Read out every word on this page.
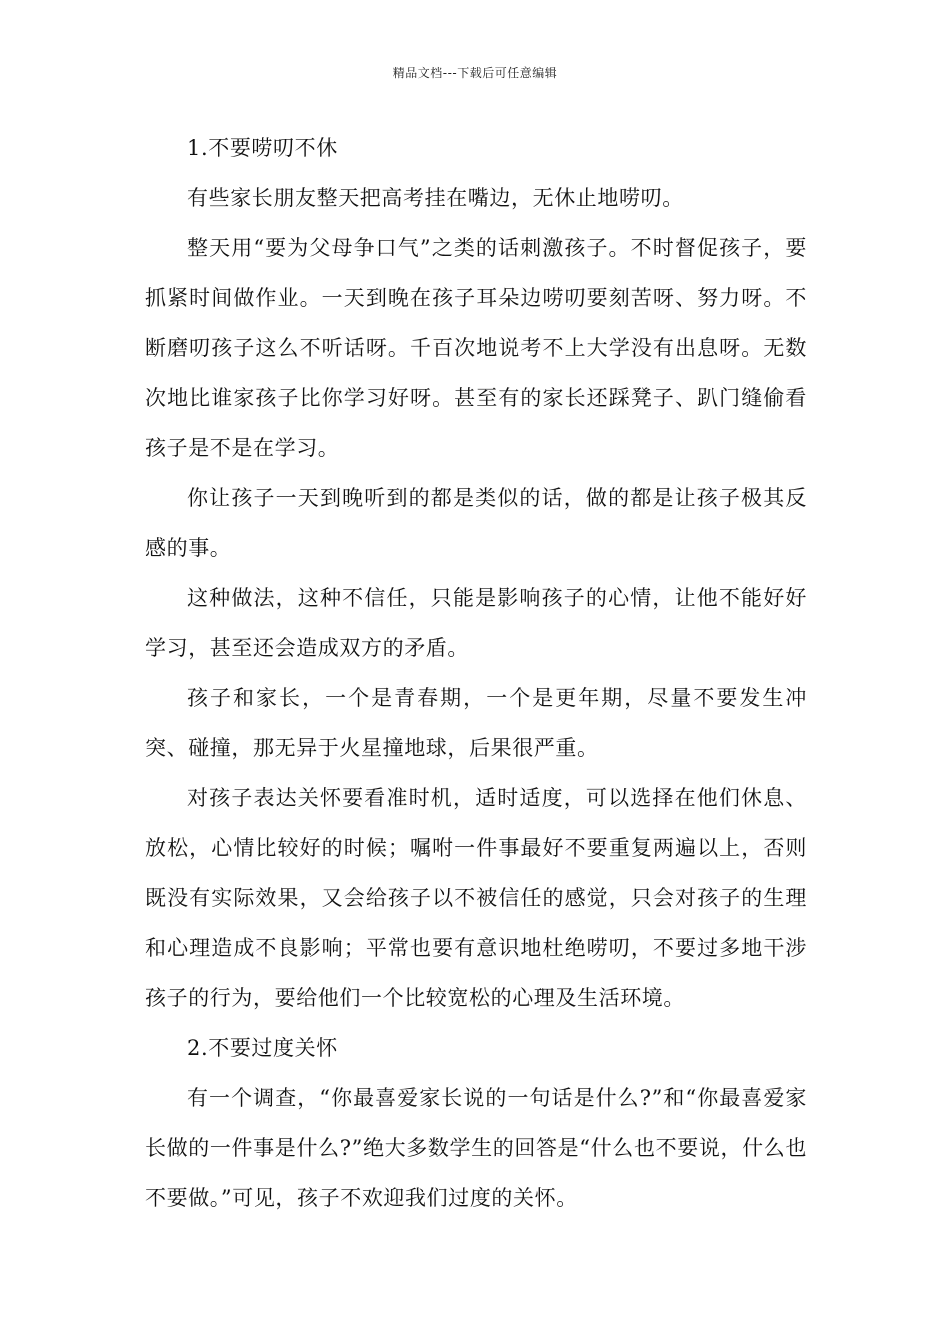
精品文档---下载后可任意编辑

1.不要唠叨不休

有些家长朋友整天把高考挂在嘴边，无休止地唠叨。

整天用“要为父母争口气”之类的话刺激孩子。不时督促孩子，要抓紧时间做作业。一天到晚在孩子耳朵边唠叨要刻苦呀、努力呀。不断磨叨孩子这么不听话呀。千百次地说考不上大学没有出息呀。无数次地比谁家孩子比你学习好呀。甚至有的家长还踩凳子、趴门缝偷看孩子是不是在学习。

你让孩子一天到晚听到的都是类似的话，做的都是让孩子极其反感的事。

这种做法，这种不信任，只能是影响孩子的心情，让他不能好好学习，甚至还会造成双方的矛盾。

孩子和家长，一个是青春期，一个是更年期，尽量不要发生冲突、碰撞，那无异于火星撞地球，后果很严重。

对孩子表达关怀要看准时机，适时适度，可以选择在他们休息、放松，心情比较好的时候；嘱咐一件事最好不要重复两遍以上，否则既没有实际效果，又会给孩子以不被信任的感觉，只会对孩子的生理和心理造成不良影响；平常也要有意识地杜绝唠叨，不要过多地干涉孩子的行为，要给他们一个比较宽松的心理及生活环境。

2.不要过度关怀

有一个调查，“你最喜爱家长说的一句话是什么?”和“你最喜爱家长做的一件事是什么?”绝大多数学生的回答是“什么也不要说，什么也不要做。”可见，孩子不欢迎我们过度的关怀。
